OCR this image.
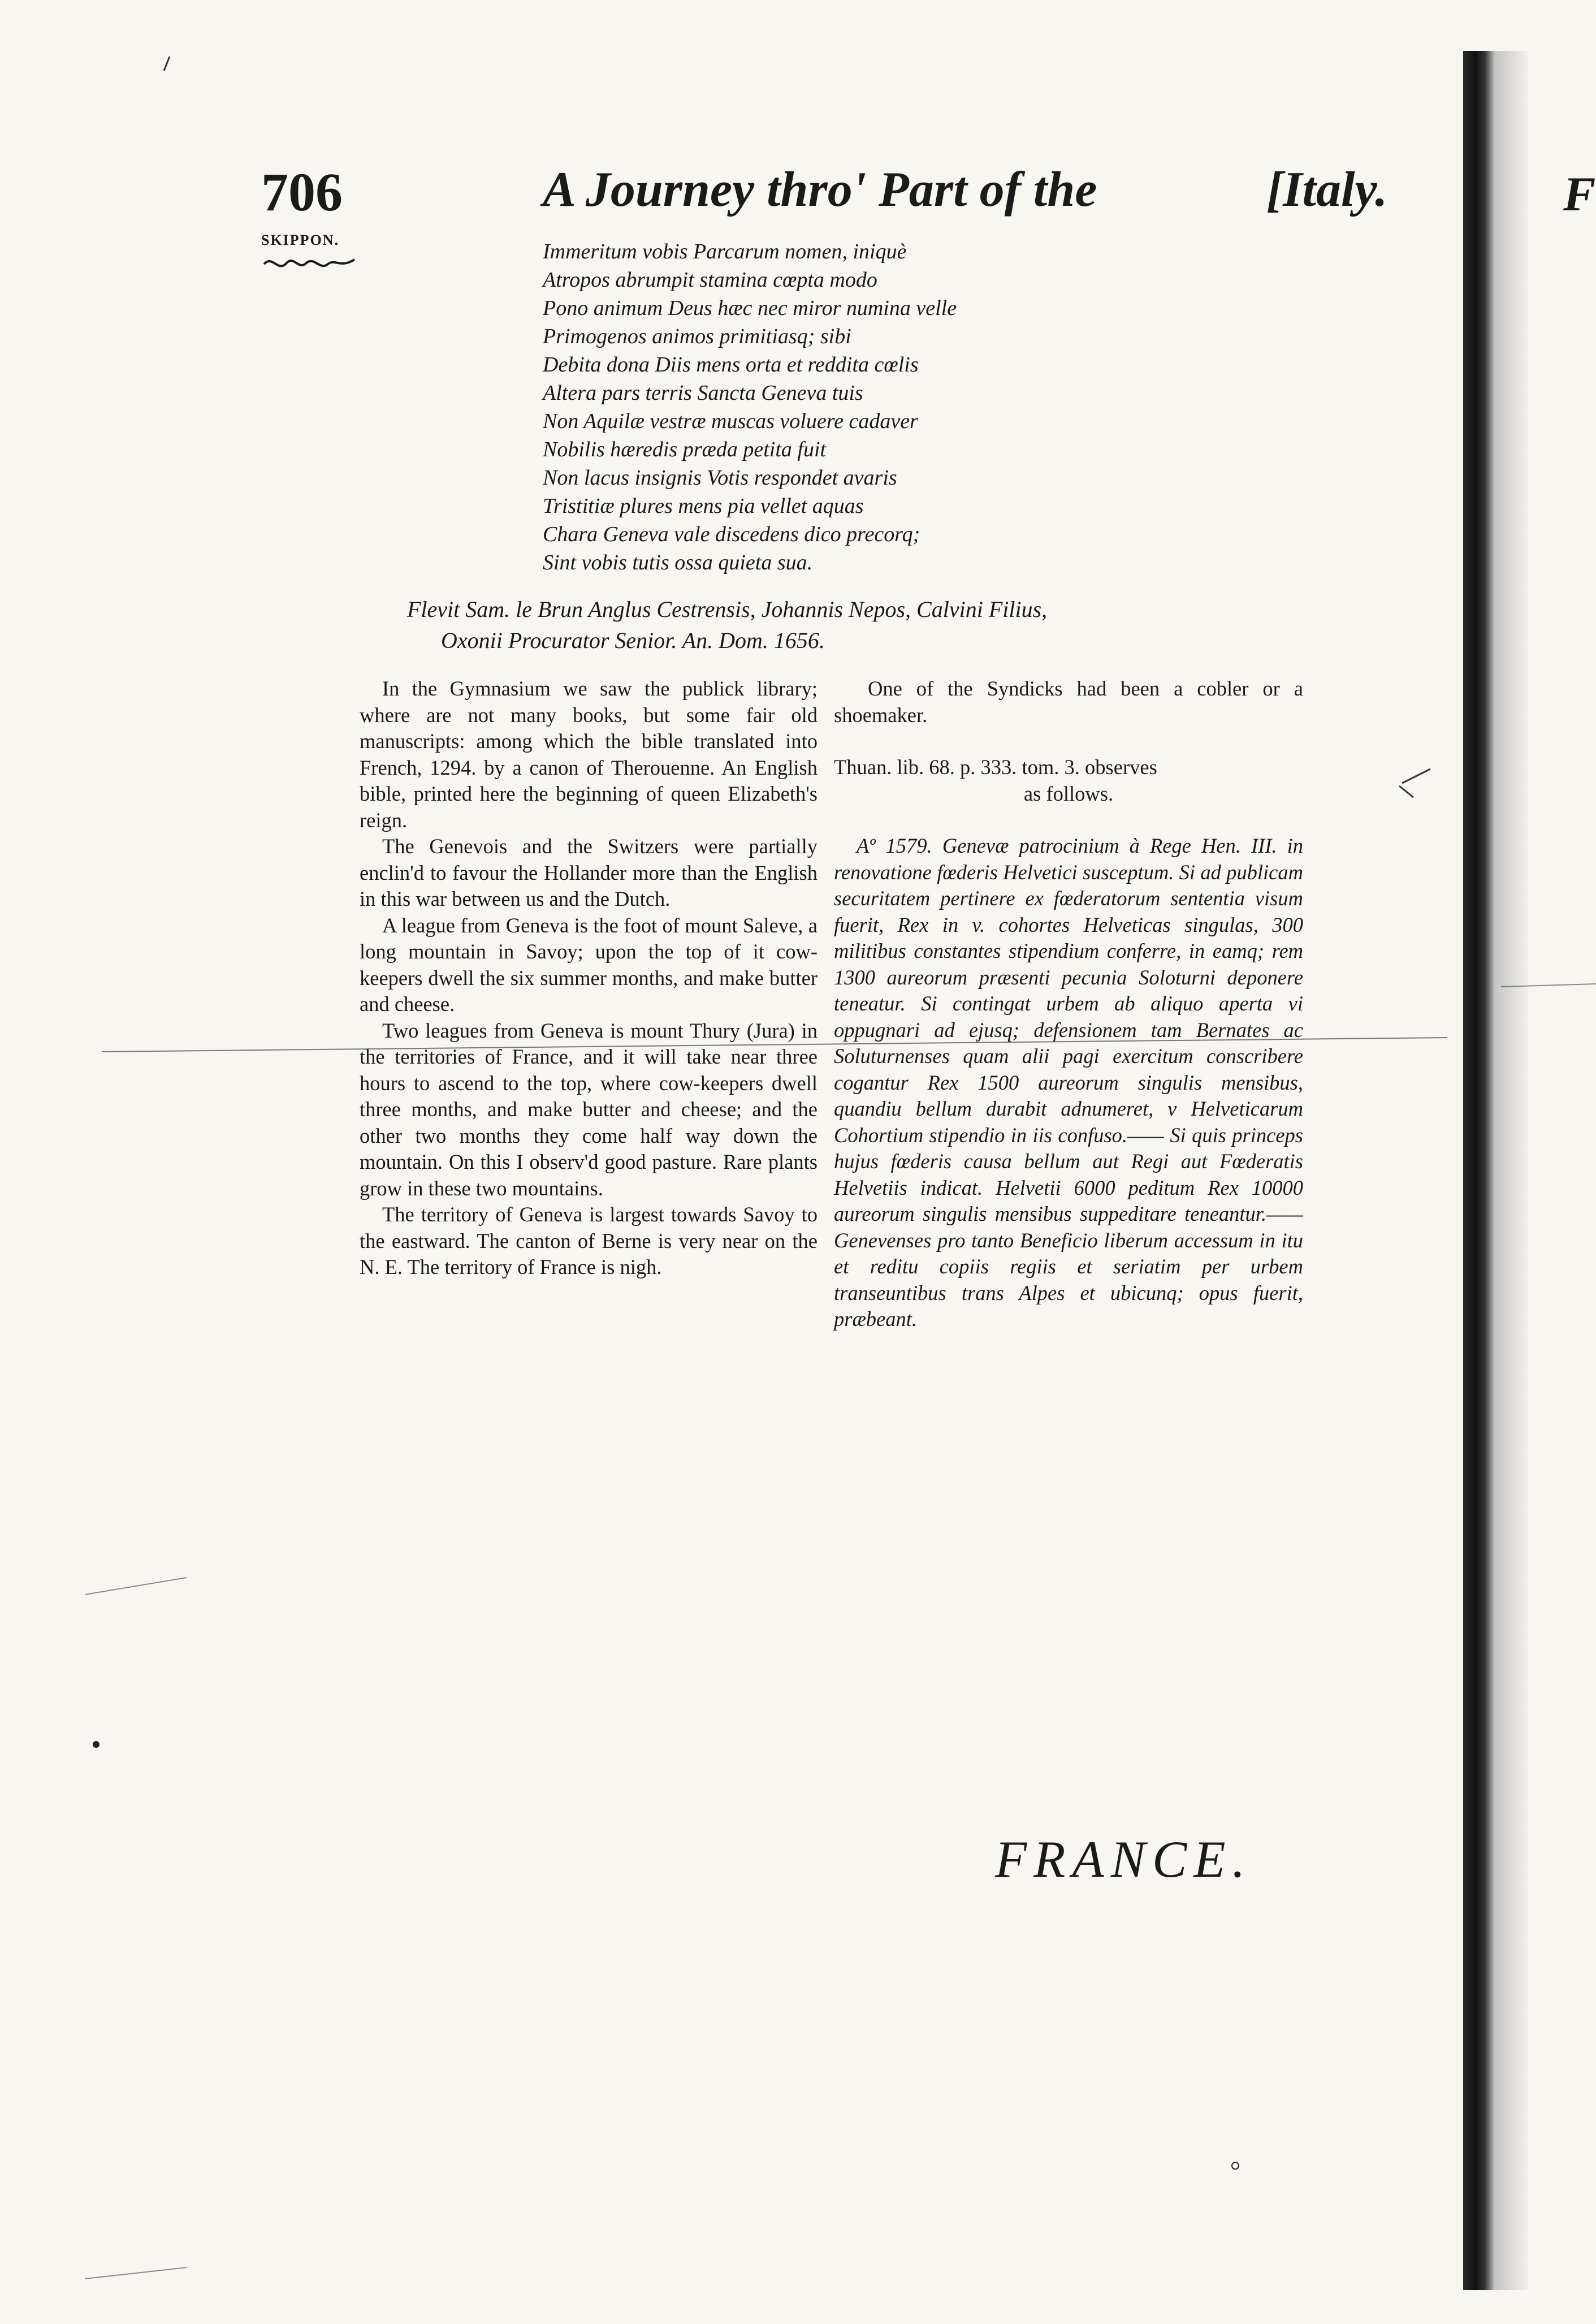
706	A Journey thro' Part of the	[Italy.	F
SKIPPON.	Immeritum vobis Parcarum nomen, iniquè
Atropos abrumpit stamina cœpta modo
Pono animum Deus hæc nec miror numina velle
Primogenos animos primitiasq; sibi
Debita dona Diis mens orta et reddita cœlis
Altera pars terris Sancta Geneva tuis
Non Aquilæ vestræ muscas voluere cadaver
Nobilis hæredis præda petita fuit
Non lacus insignis Votis respondet avaris
Tristitiæ plures mens pia vellet aquas
Chara Geneva vale discedens dico precorq;
Sint vobis tutis ossa quieta sua.
Flevit Sam. le Brun Anglus Cestrensis, Johannis Nepos, Calvini Filius,
Oxonii Procurator Senior. An. Dom. 1656.

In the Gymnasium we saw the publick library; where are not many books, but some fair old manuscripts: among which the bible translated into French, 1294. by a canon of Therouenne. An English bible, printed here the beginning of queen Elizabeth's reign.

The Genevois and the Switzers were partially enclin'd to favour the Hollander more than the English in this war between us and the Dutch.

A league from Geneva is the foot of mount Saleve, a long mountain in Savoy; upon the top of it cow-keepers dwell the six summer months, and make butter and cheese.

Two leagues from Geneva is mount Thury (Jura) in the territories of France, and it will take near three hours to ascend to the top, where cow-keepers dwell three months, and make butter and cheese; and the other two months they come half way down the mountain. On this I observ'd good pasture. Rare plants grow in these two mountains.

The territory of Geneva is largest towards Savoy to the eastward. The canton of Berne is very near on the N. E. The territory of France is nigh.

One of the Syndicks had been a cobler or a shoemaker.

Thuan. lib. 68. p. 333. tom. 3. observes
as follows.

Aº 1579. Genevæ patrocinium à Rege Hen. III. in renovatione fœderis Helvetici susceptum. Si ad publicam securitatem pertinere ex fœderatorum sententia visum fuerit, Rex in v. cohortes Helveticas singulas, 300 militibus constantes stipendium conferre, in eamq; rem 1300 aureorum præsenti pecunia Soloturni deponere teneatur. Si contingat urbem ab aliquo aperta vi oppugnari ad ejusq; defensionem tam Bernates ac Soluturnenses quam alii pagi exercitum conscribere cogantur Rex 1500 aureorum singulis mensibus, quandiu bellum durabit adnumeret, v Helveticarum Cohortium stipendio in iis confuso.—— Si quis princeps hujus fœderis causa bellum aut Regi aut Fœderatis Helvetiis indicat. Helvetii 6000 peditum Rex 10000 aureorum singulis mensibus suppeditare teneantur.——Genevenses pro tanto Beneficio liberum accessum in itu et reditu copiis regiis et seriatim per urbem transeuntibus trans Alpes et ubicunq; opus fuerit, præbeant.

FRANCE.
